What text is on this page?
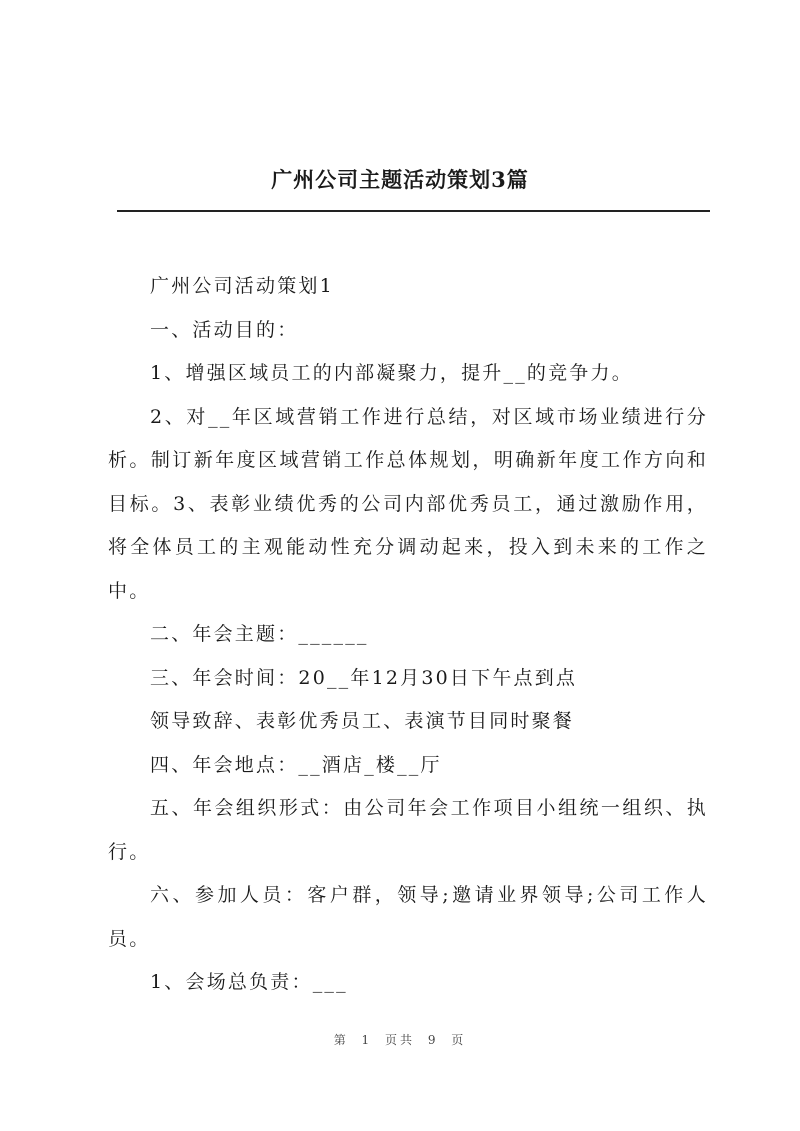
广州公司主题活动策划3篇

广州公司活动策划1

一、活动目的：

1、增强区域员工的内部凝聚力，提升__的竞争力。

2、对__年区域营销工作进行总结，对区域市场业绩进行分析。制订新年度区域营销工作总体规划，明确新年度工作方向和目标。3、表彰业绩优秀的公司内部优秀员工，通过激励作用，将全体员工的主观能动性充分调动起来，投入到未来的工作之中。

二、年会主题：______

三、年会时间：20__年12月30日下午点到点

领导致辞、表彰优秀员工、表演节目同时聚餐

四、年会地点：__酒店_楼__厅

五、年会组织形式：由公司年会工作项目小组统一组织、执行。

六、参加人员：客户群，领导;邀请业界领导;公司工作人员。

1、会场总负责：___

第 1 页共 9 页
